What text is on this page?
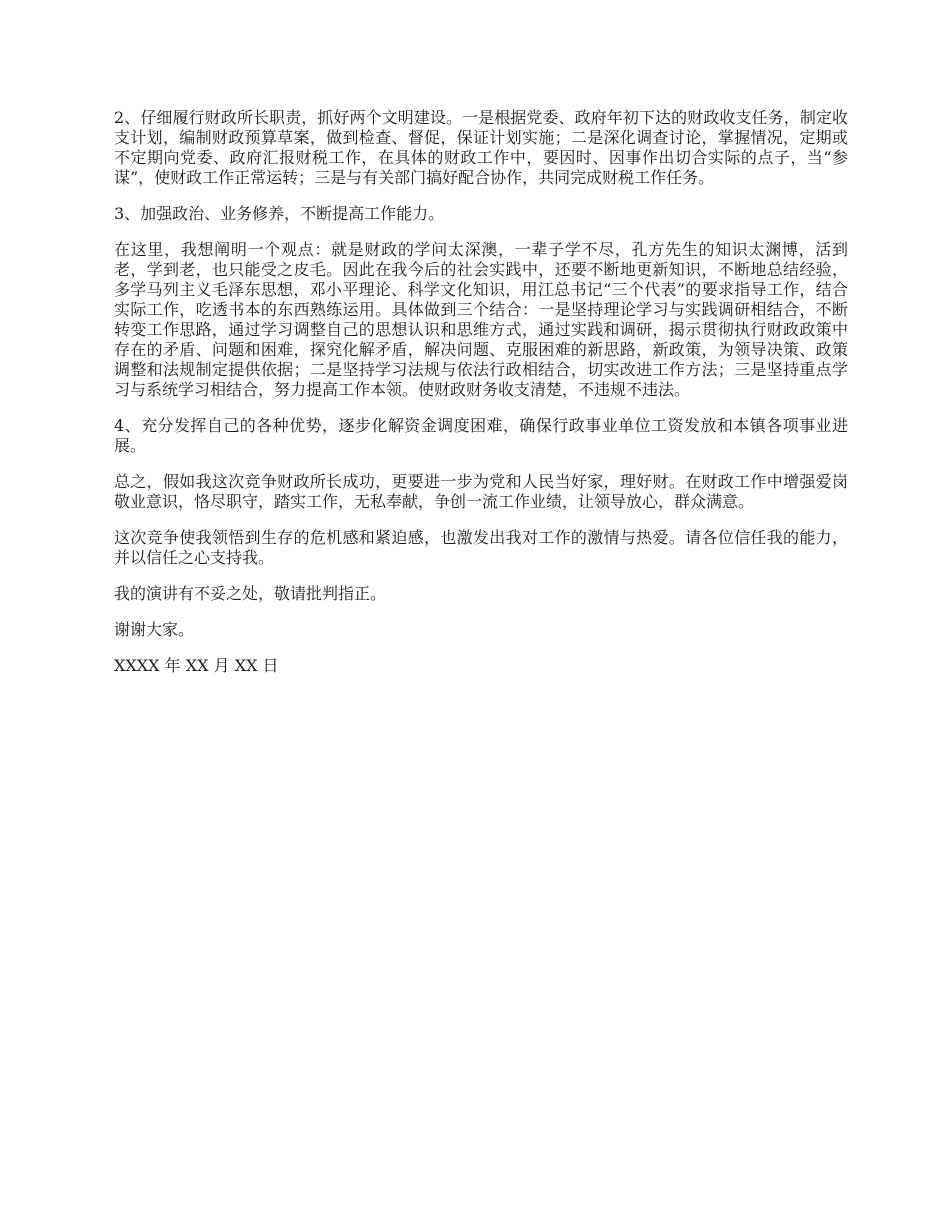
2、仔细履行财政所长职责，抓好两个文明建设。一是根据党委、政府年初下达的财政收支任务，制定收支计划，编制财政预算草案，做到检查、督促，保证计划实施；二是深化调查讨论，掌握情况，定期或不定期向党委、政府汇报财税工作，在具体的财政工作中，要因时、因事作出切合实际的点子，当“参谋”，使财政工作正常运转；三是与有关部门搞好配合协作，共同完成财税工作任务。

3、加强政治、业务修养，不断提高工作能力。

在这里，我想阐明一个观点：就是财政的学问太深澳，一辈子学不尽，孔方先生的知识太渊博，活到老，学到老，也只能受之皮毛。因此在我今后的社会实践中，还要不断地更新知识，不断地总结经验，多学马列主义毛泽东思想，邓小平理论、科学文化知识，用江总书记“三个代表”的要求指导工作，结合实际工作，吃透书本的东西熟练运用。具体做到三个结合：一是坚持理论学习与实践调研相结合，不断转变工作思路，通过学习调整自己的思想认识和思维方式，通过实践和调研，揭示贯彻执行财政政策中存在的矛盾、问题和困难，探究化解矛盾，解决问题、克服困难的新思路，新政策，为领导决策、政策调整和法规制定提供依据；二是坚持学习法规与依法行政相结合，切实改进工作方法；三是坚持重点学习与系统学习相结合，努力提高工作本领。使财政财务收支清楚，不违规不违法。

4、充分发挥自己的各种优势，逐步化解资金调度困难，确保行政事业单位工资发放和本镇各项事业进展。

总之，假如我这次竞争财政所长成功，更要进一步为党和人民当好家，理好财。在财政工作中增强爱岗敬业意识，恪尽职守，踏实工作，无私奉献，争创一流工作业绩，让领导放心，群众满意。

这次竞争使我领悟到生存的危机感和紧迫感，也激发出我对工作的激情与热爱。请各位信任我的能力，并以信任之心支持我。

我的演讲有不妥之处，敬请批判指正。

谢谢大家。

XXXX 年 XX 月 XX 日
